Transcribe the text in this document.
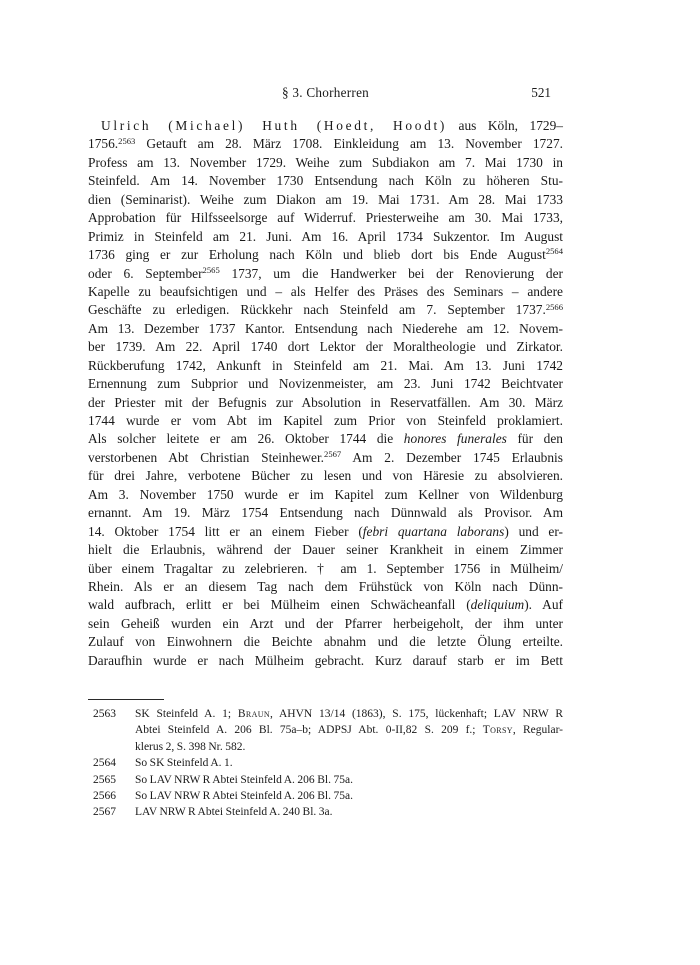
§ 3. Chorherren	521
Ulrich (Michael) Huth (Hoedt, Hoodt) aus Köln, 1729–
1756.$^{2563}$ Getauft am 28. März 1708. Einkleidung am 13. November 1727.
Profess am 13. November 1729. Weihe zum Subdiakon am 7. Mai 1730 in
Steinfeld. Am 14. November 1730 Entsendung nach Köln zu höheren Stu-
dien (Seminarist). Weihe zum Diakon am 19. Mai 1731. Am 28. Mai 1733
Approbation für Hilfsseelsorge auf Widerruf. Priesterweihe am 30. Mai 1733,
Primiz in Steinfeld am 21. Juni. Am 16. April 1734 Sukzentor. Im August
1736 ging er zur Erholung nach Köln und blieb dort bis Ende August$^{2564}$
oder 6. September$^{2565}$ 1737, um die Handwerker bei der Renovierung der
Kapelle zu beaufsichtigen und – als Helfer des Präses des Seminars – andere
Geschäfte zu erledigen. Rückkehr nach Steinfeld am 7. September 1737.$^{2566}$
Am 13. Dezember 1737 Kantor. Entsendung nach Niederehe am 12. Novem-
ber 1739. Am 22. April 1740 dort Lektor der Moraltheologie und Zirkator.
Rückberufung 1742, Ankunft in Steinfeld am 21. Mai. Am 13. Juni 1742
Ernennung zum Subprior und Novizenmeister, am 23. Juni 1742 Beichtvater
der Priester mit der Befugnis zur Absolution in Reservatfällen. Am 30. März
1744 wurde er vom Abt im Kapitel zum Prior von Steinfeld proklamiert.
Als solcher leitete er am 26. Oktober 1744 die honores funerales für den
verstorbenen Abt Christian Steinhewer.$^{2567}$ Am 2. Dezember 1745 Erlaubnis
für drei Jahre, verbotene Bücher zu lesen und von Häresie zu absolvieren.
Am 3. November 1750 wurde er im Kapitel zum Kellner von Wildenburg
ernannt. Am 19. März 1754 Entsendung nach Dünnwald als Provisor. Am
14. Oktober 1754 litt er an einem Fieber (febri quartana laborans) und er-
hielt die Erlaubnis, während der Dauer seiner Krankheit in einem Zimmer
über einem Tragaltar zu zelebrieren. † am 1. September 1756 in Mülheim/
Rhein. Als er an diesem Tag nach dem Frühstück von Köln nach Dünn-
wald aufbrach, erlitt er bei Mülheim einen Schwächeanfall (deliquium). Auf
sein Geheiß wurden ein Arzt und der Pfarrer herbeigeholt, der ihm unter
Zulauf von Einwohnern die Beichte abnahm und die letzte Ölung erteilte.
Daraufhin wurde er nach Mülheim gebracht. Kurz darauf starb er im Bett
2563	SK Steinfeld A. 1; Braun, AHVN 13/14 (1863), S. 175, lückenhaft; LAV NRW R
Abtei Steinfeld A. 206 Bl. 75a–b; ADPSJ Abt. 0-II,82 S. 209 f.; Torsy, Regular-
klerus 2, S. 398 Nr. 582.
2564	So SK Steinfeld A. 1.
2565	So LAV NRW R Abtei Steinfeld A. 206 Bl. 75a.
2566	So LAV NRW R Abtei Steinfeld A. 206 Bl. 75a.
2567	LAV NRW R Abtei Steinfeld A. 240 Bl. 3a.
